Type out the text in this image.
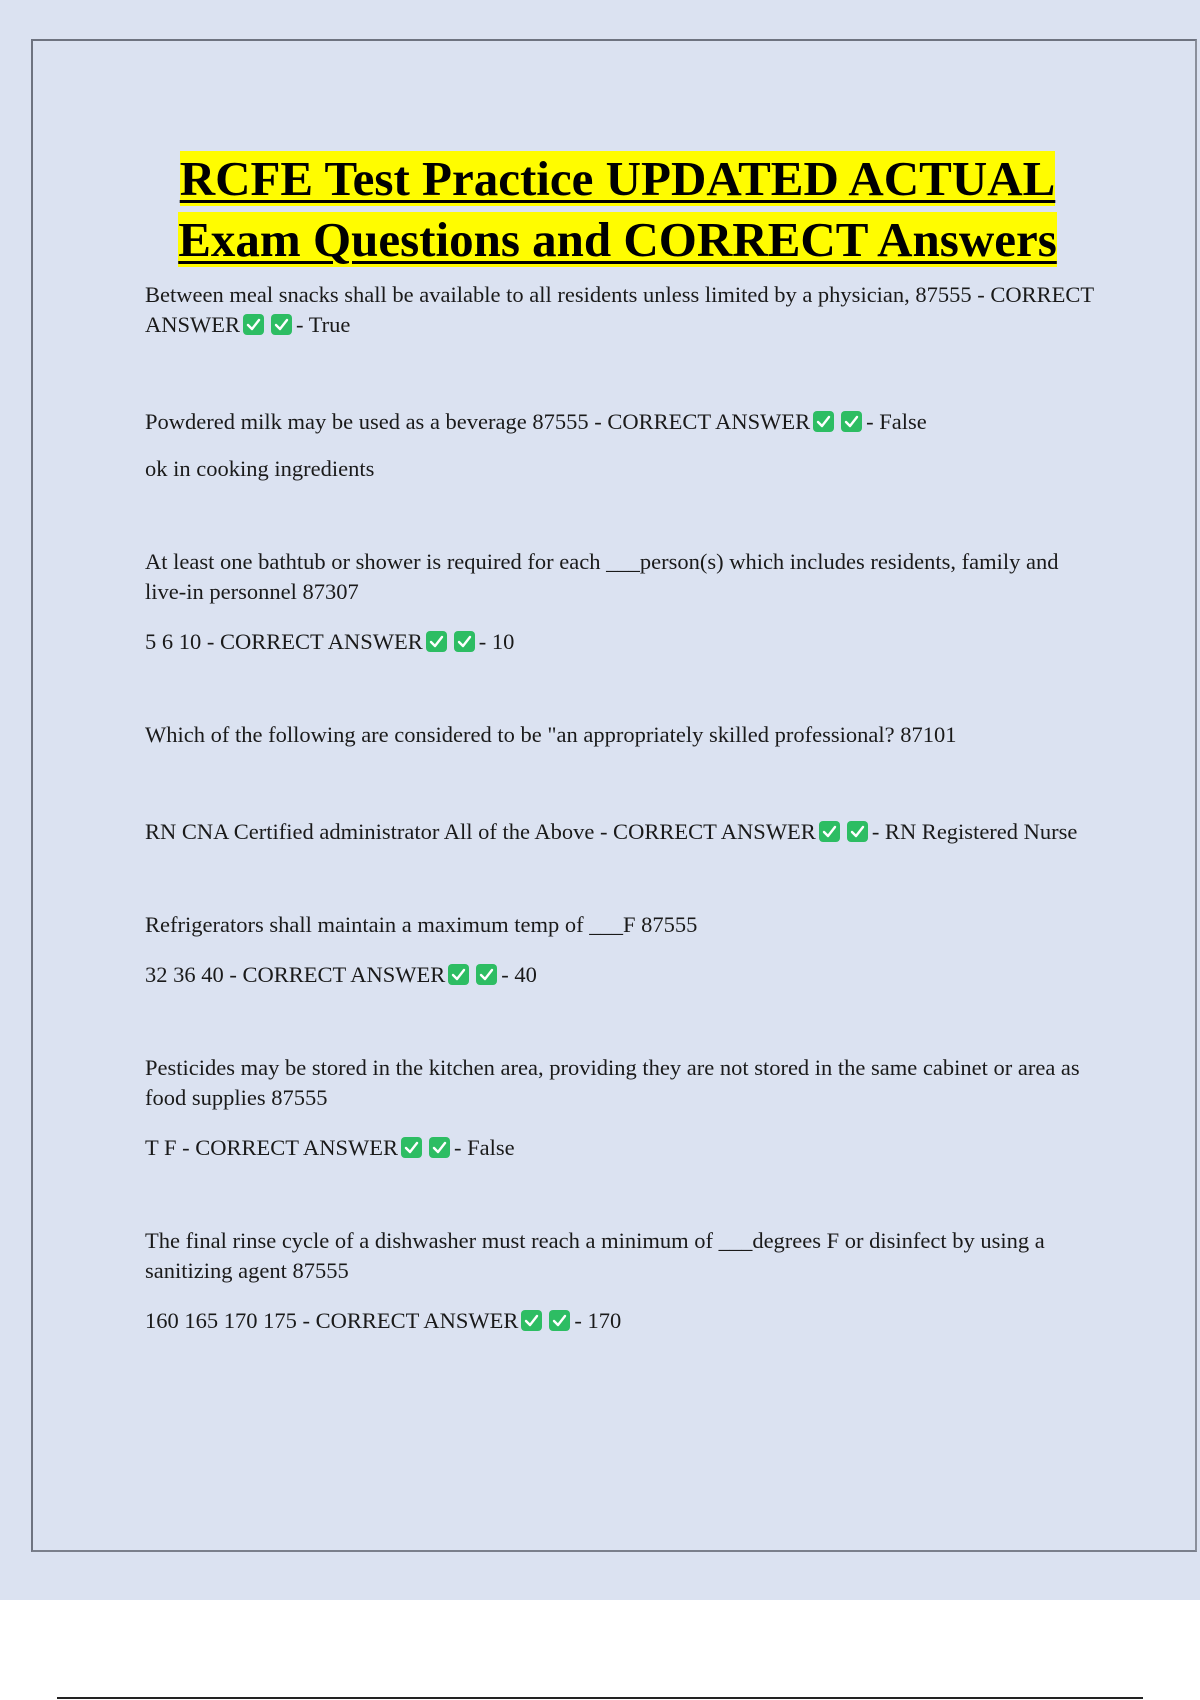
RCFE Test Practice UPDATED ACTUAL
Exam Questions and CORRECT Answers

Between meal snacks shall be available to all residents unless limited by a physician, 87555 - CORRECT ANSWER - True

Powdered milk may be used as a beverage 87555 - CORRECT ANSWER - False

ok in cooking ingredients

At least one bathtub or shower is required for each ___person(s) which includes residents, family and live-in personnel 87307

5 6 10 - CORRECT ANSWER - 10

Which of the following are considered to be "an appropriately skilled professional? 87101

RN CNA Certified administrator All of the Above - CORRECT ANSWER - RN Registered Nurse

Refrigerators shall maintain a maximum temp of ___F 87555

32 36 40 - CORRECT ANSWER - 40

Pesticides may be stored in the kitchen area, providing they are not stored in the same cabinet or area as food supplies 87555

T F - CORRECT ANSWER - False

The final rinse cycle of a dishwasher must reach a minimum of ___degrees F or disinfect by using a sanitizing agent 87555

160 165 170 175 - CORRECT ANSWER - 170
